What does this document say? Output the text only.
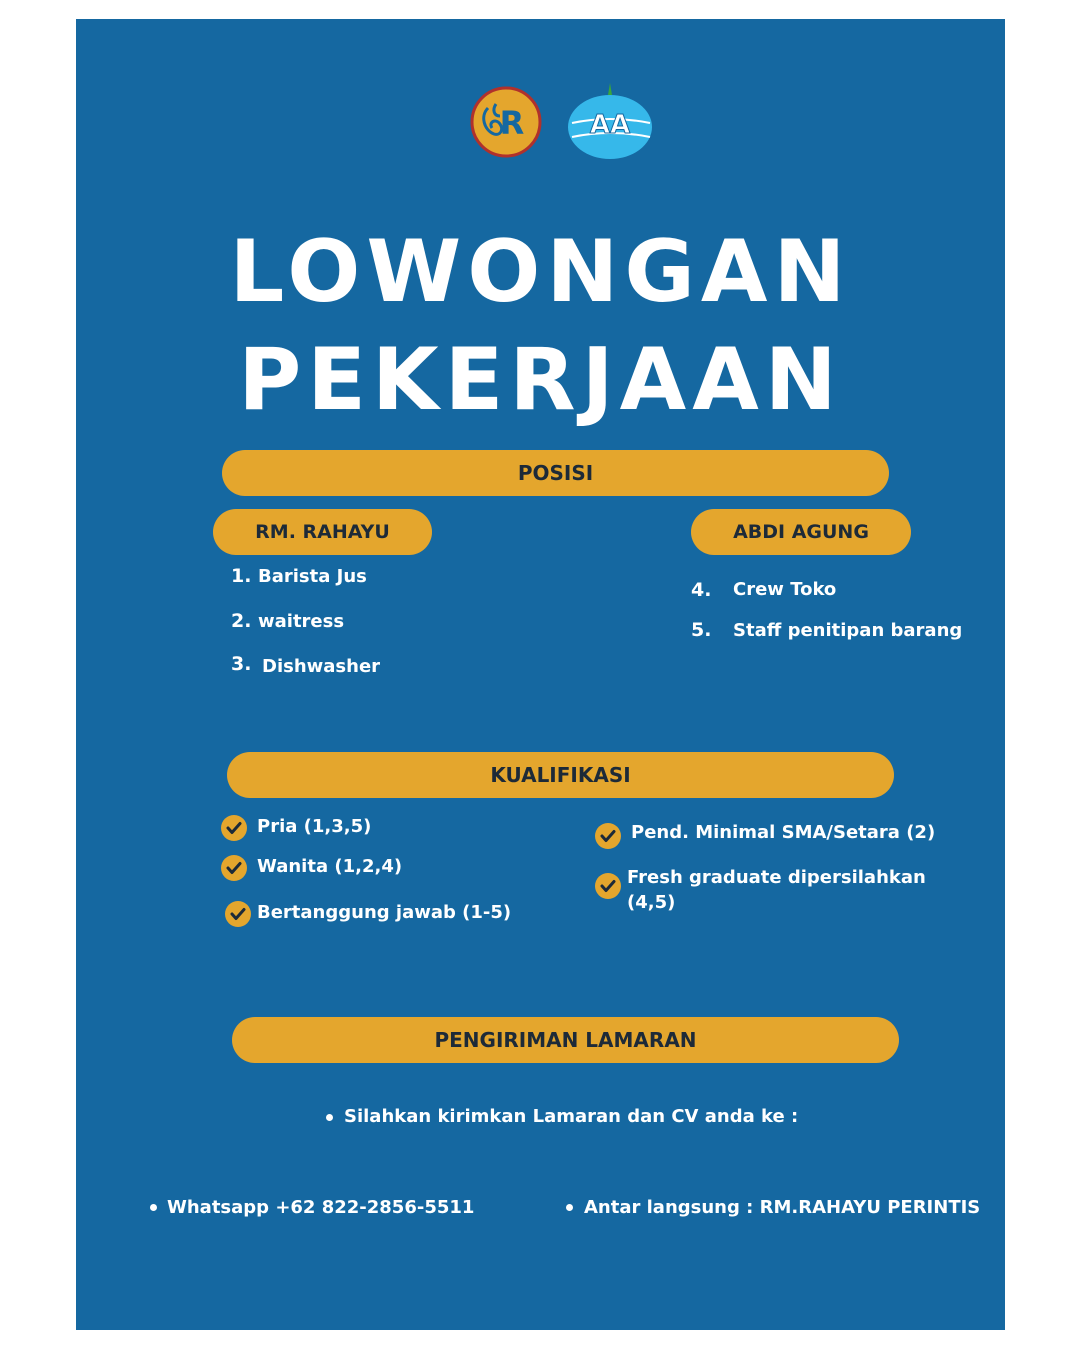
R	AA
LOWONGAN
PEKERJAAN
POSISI
RM. RAHAYU	ABDI AGUNG
1. Barista Jus
2. waitress
3. Dishwasher
4. Crew Toko
5. Staff penitipan barang
KUALIFIKASI
Pria (1,3,5)
Wanita (1,2,4)
Bertanggung jawab (1-5)
Pend. Minimal SMA/Setara (2)
Fresh graduate dipersilahkan
(4,5)
PENGIRIMAN LAMARAN
Silahkan kirimkan Lamaran dan CV anda ke :
Whatsapp +62 822-2856-5511	Antar langsung : RM.RAHAYU PERINTIS
